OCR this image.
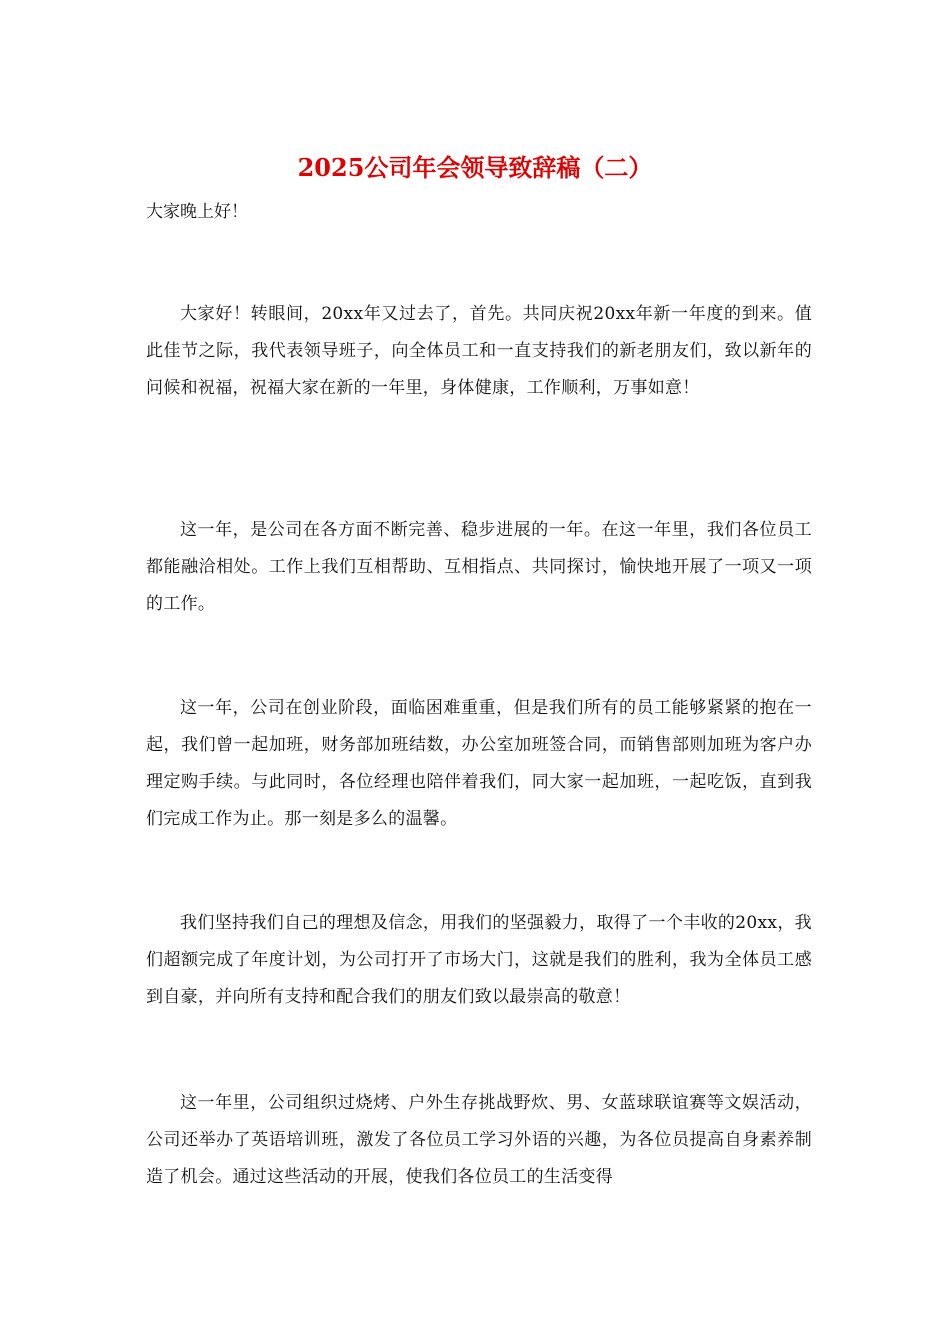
2025公司年会领导致辞稿（二）

大家晚上好！

大家好！转眼间，20xx年又过去了，首先。共同庆祝20xx年新一年度的到来。值此佳节之际，我代表领导班子，向全体员工和一直支持我们的新老朋友们，致以新年的问候和祝福，祝福大家在新的一年里，身体健康，工作顺利，万事如意！

这一年，是公司在各方面不断完善、稳步进展的一年。在这一年里，我们各位员工都能融洽相处。工作上我们互相帮助、互相指点、共同探讨，愉快地开展了一项又一项的工作。

这一年，公司在创业阶段，面临困难重重，但是我们所有的员工能够紧紧的抱在一起，我们曾一起加班，财务部加班结数，办公室加班签合同，而销售部则加班为客户办理定购手续。与此同时，各位经理也陪伴着我们，同大家一起加班，一起吃饭，直到我们完成工作为止。那一刻是多么的温馨。

我们坚持我们自己的理想及信念，用我们的坚强毅力，取得了一个丰收的20xx，我们超额完成了年度计划，为公司打开了市场大门，这就是我们的胜利，我为全体员工感到自豪，并向所有支持和配合我们的朋友们致以最崇高的敬意！

这一年里，公司组织过烧烤、户外生存挑战野炊、男、女蓝球联谊赛等文娱活动，公司还举办了英语培训班，激发了各位员工学习外语的兴趣，为各位员提高自身素养制造了机会。通过这些活动的开展，使我们各位员工的生活变得
